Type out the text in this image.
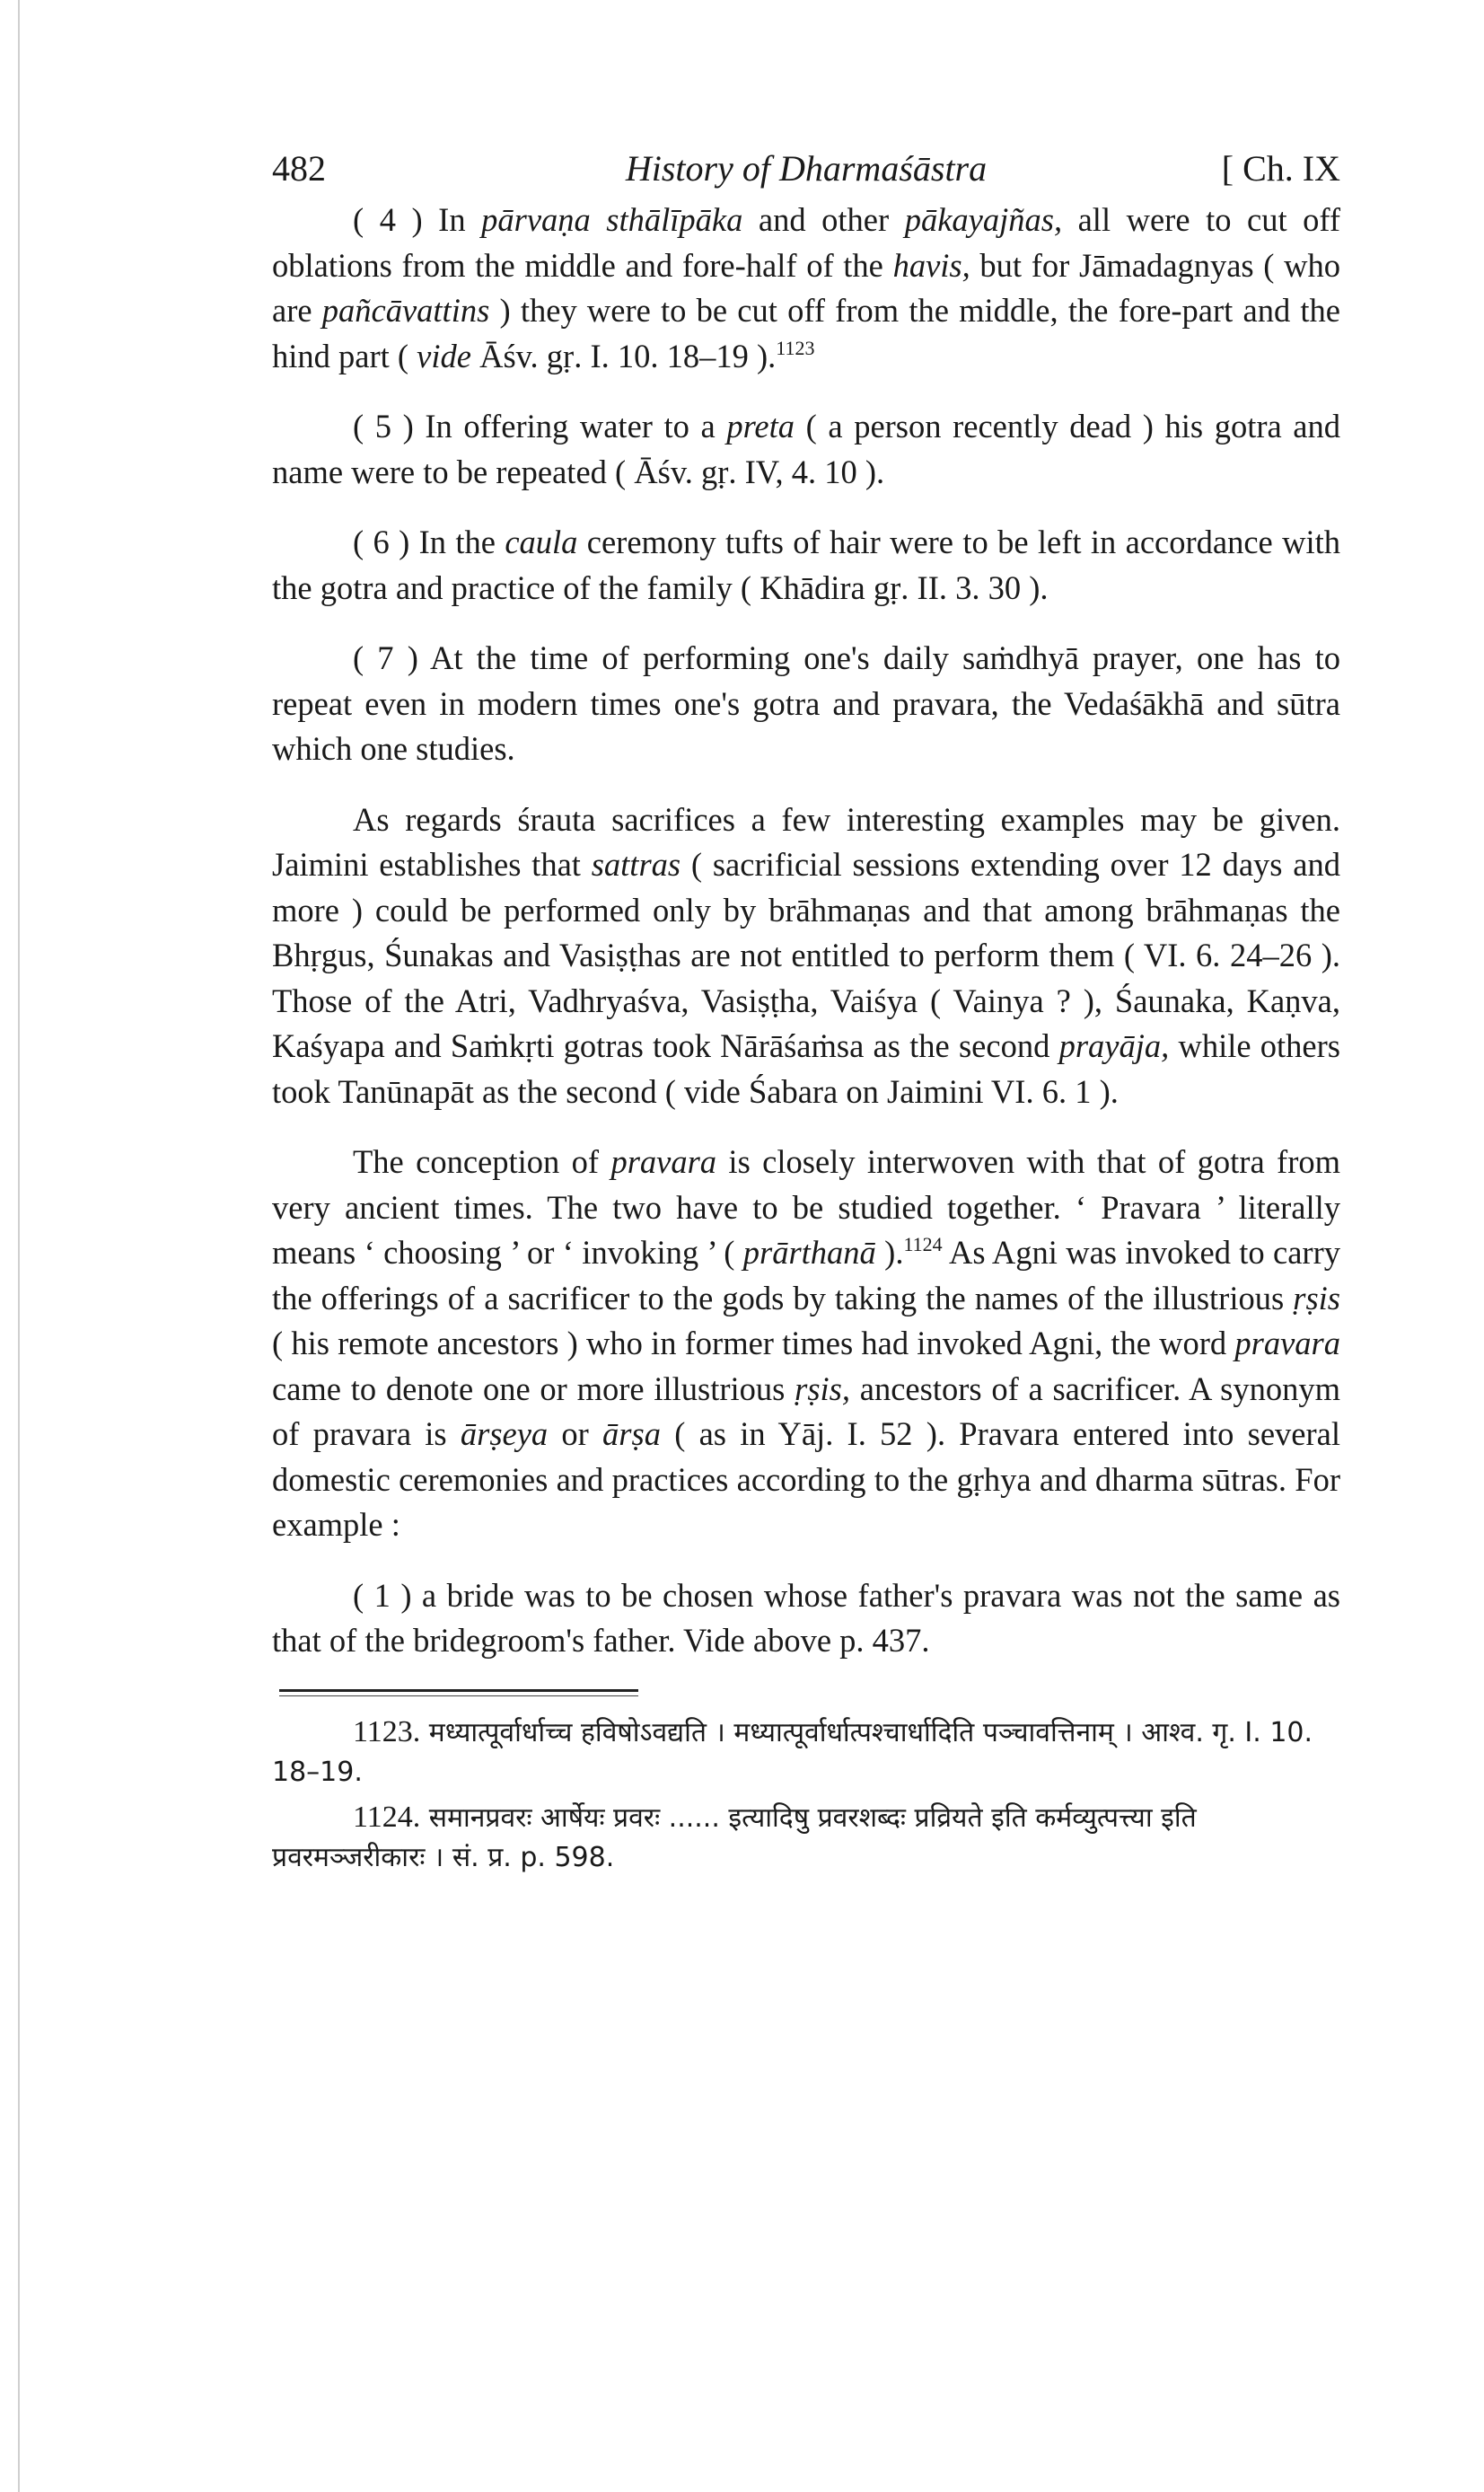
482	History of Dharmaśāstra	[ Ch. IX

( 4 ) In pārvaṇa sthālīpāka and other pākayajñas, all were to cut off oblations from the middle and fore-half of the havis, but for Jāmadagnyas ( who are pañcāvattins ) they were to be cut off from the middle, the fore-part and the hind part ( vide Āśv. gṛ. I. 10. 18–19 ).$^{1123}$

( 5 ) In offering water to a preta ( a person recently dead ) his gotra and name were to be repeated ( Āśv. gṛ. IV, 4. 10 ).

( 6 ) In the caula ceremony tufts of hair were to be left in accordance with the gotra and practice of the family ( Khādira gṛ. II. 3. 30 ).

( 7 ) At the time of performing one's daily saṁdhyā prayer, one has to repeat even in modern times one's gotra and pravara, the Vedaśākhā and sūtra which one studies.

As regards śrauta sacrifices a few interesting examples may be given. Jaimini establishes that sattras ( sacrificial sessions extending over 12 days and more ) could be performed only by brāhmaṇas and that among brāhmaṇas the Bhṛgus, Śunakas and Vasiṣṭhas are not entitled to perform them ( VI. 6. 24–26 ). Those of the Atri, Vadhryaśva, Vasiṣṭha, Vaiśya ( Vainya ? ), Śaunaka, Kaṇva, Kaśyapa and Saṁkṛti gotras took Nārāśaṁsa as the second prayāja, while others took Tanūnapāt as the second ( vide Śabara on Jaimini VI. 6. 1 ).

The conception of pravara is closely interwoven with that of gotra from very ancient times. The two have to be studied together. ‘ Pravara ’ literally means ‘ choosing ’ or ‘ invoking ’ ( prārthanā ).$^{1124}$ As Agni was invoked to carry the offerings of a sacrificer to the gods by taking the names of the illustrious ṛṣis ( his remote ancestors ) who in former times had invoked Agni, the word pravara came to denote one or more illustrious ṛṣis, ancestors of a sacrificer. A synonym of pravara is ārṣeya or ārṣa ( as in Yāj. I. 52 ). Pravara entered into several domestic ceremonies and practices according to the gṛhya and dharma sūtras. For example :

( 1 ) a bride was to be chosen whose father's pravara was not the same as that of the bridegroom's father. Vide above p. 437.

1123. मध्यात्पूर्वार्धाच्च हविषोऽवद्यति । मध्यात्पूर्वार्धात्पश्चार्धादिति पञ्चावत्तिनाम् । आश्व. गृ. I. 10. 18–19.

1124. समानप्रवरः आर्षेयः प्रवरः ...... इत्यादिषु प्रवरशब्दः प्रव्रियते इति कर्मव्युत्पत्त्या इति प्रवरमञ्जरीकारः । सं. प्र. p. 598.
